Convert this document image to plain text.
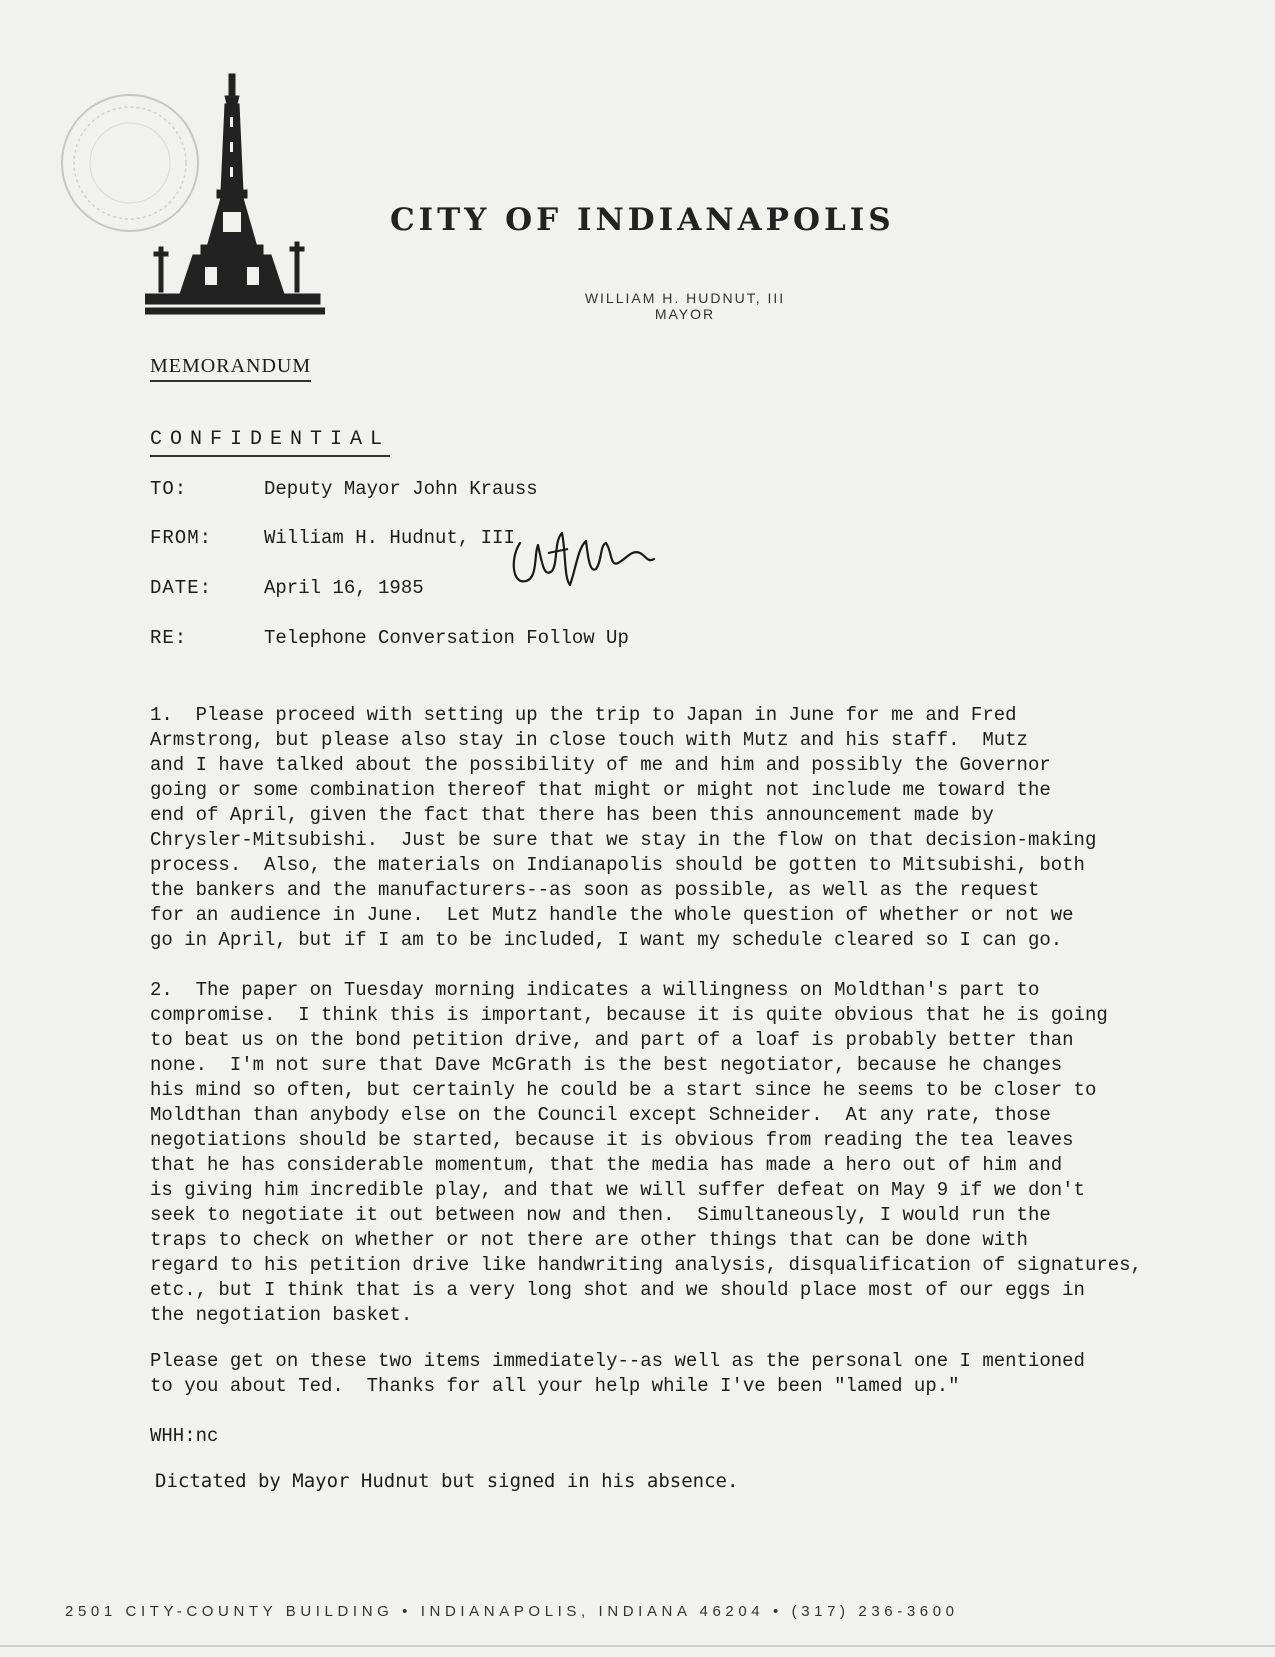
CITY OF INDIANAPOLIS
WILLIAM H. HUDNUT, III
MAYOR
MEMORANDUM
CONFIDENTIAL
TO:	Deputy Mayor John Krauss
FROM:	William H. Hudnut, III
DATE:	April 16, 1985
RE:	Telephone Conversation Follow Up
1.  Please proceed with setting up the trip to Japan in June for me and Fred
Armstrong, but please also stay in close touch with Mutz and his staff.  Mutz
and I have talked about the possibility of me and him and possibly the Governor
going or some combination thereof that might or might not include me toward the
end of April, given the fact that there has been this announcement made by
Chrysler-Mitsubishi.  Just be sure that we stay in the flow on that decision-making
process.  Also, the materials on Indianapolis should be gotten to Mitsubishi, both
the bankers and the manufacturers--as soon as possible, as well as the request
for an audience in June.  Let Mutz handle the whole question of whether or not we
go in April, but if I am to be included, I want my schedule cleared so I can go.
2.  The paper on Tuesday morning indicates a willingness on Moldthan's part to
compromise.  I think this is important, because it is quite obvious that he is going
to beat us on the bond petition drive, and part of a loaf is probably better than
none.  I'm not sure that Dave McGrath is the best negotiator, because he changes
his mind so often, but certainly he could be a start since he seems to be closer to
Moldthan than anybody else on the Council except Schneider.  At any rate, those
negotiations should be started, because it is obvious from reading the tea leaves
that he has considerable momentum, that the media has made a hero out of him and
is giving him incredible play, and that we will suffer defeat on May 9 if we don't
seek to negotiate it out between now and then.  Simultaneously, I would run the
traps to check on whether or not there are other things that can be done with
regard to his petition drive like handwriting analysis, disqualification of signatures,
etc., but I think that is a very long shot and we should place most of our eggs in
the negotiation basket.
Please get on these two items immediately--as well as the personal one I mentioned
to you about Ted.  Thanks for all your help while I've been "lamed up."
WHH:nc
Dictated by Mayor Hudnut but signed in his absence.
2501 CITY-COUNTY BUILDING • INDIANAPOLIS, INDIANA 46204 • (317) 236-3600
